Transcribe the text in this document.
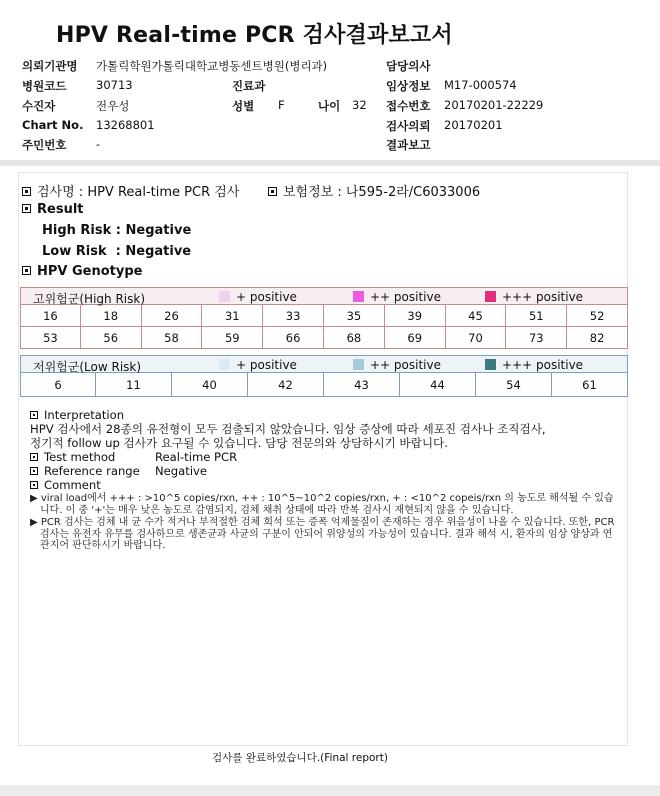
HPV Real-time PCR 검사결과보고서
의뢰기관명 가톨릭학원가톨릭대학교병동센트병원(병리과)	담당의사
병원코드	30713	진료과	임상정보 M17-000574
수진자	전우성	성별 F	나이 32 접수번호 20170201-22229
Chart No. 13268801	검사의뢰 20170201
주민번호	-	결과보고
검사명 : HPV Real-time PCR 검사	보험정보 : 나595-2라/C6033006
Result
High Risk : Negative
Low Risk  : Negative
HPV Genotype
고위험군(High Risk)	+ positive	++ positive	+++ positive
16	18	26	31	33	35	39	45	51	52
53	56	58	59	66	68	69	70	73	82
저위험군(Low Risk)	+ positive	++ positive	+++ positive
6	11	40	42	43	44	54	61
Interpretation
HPV 검사에서 28종의 유전형이 모두 검출되지 않았습니다. 임상 증상에 따라 세포진 검사나 조직검사,
정기적 follow up 검사가 요구될 수 있습니다. 담당 전문의와 상담하시기 바랍니다.
Test method	Real-time PCR
Reference range Negative
Comment

▶ viral load에서 +++ : >10^5 copies/rxn, ++ : 10^5~10^2 copies/rxn, + : <10^2 copeis/rxn 의 농도로 해석될 수 있습니다. 이 중 '+'는 매우 낮은 농도로 감염되지, 검체 채취 상태에 따라 반복 검사시 재현되지 않을 수 있습니다.

▶ PCR 검사는 검체 내 균 수가 적거나 부적절한 검체 희석 또는 증폭 억제물질이 존재하는 경우 위음성이 나올 수 있습니다. 또한, PCR 검사는 유전자 유무를 검사하므로 생존균과 사균의 구분이 안되어 위양성의 가능성이 있습니다. 결과 해석 시, 환자의 임상 양상과 연관지어 판단하시기 바랍니다.

검사를 완료하였습니다.(Final report)
